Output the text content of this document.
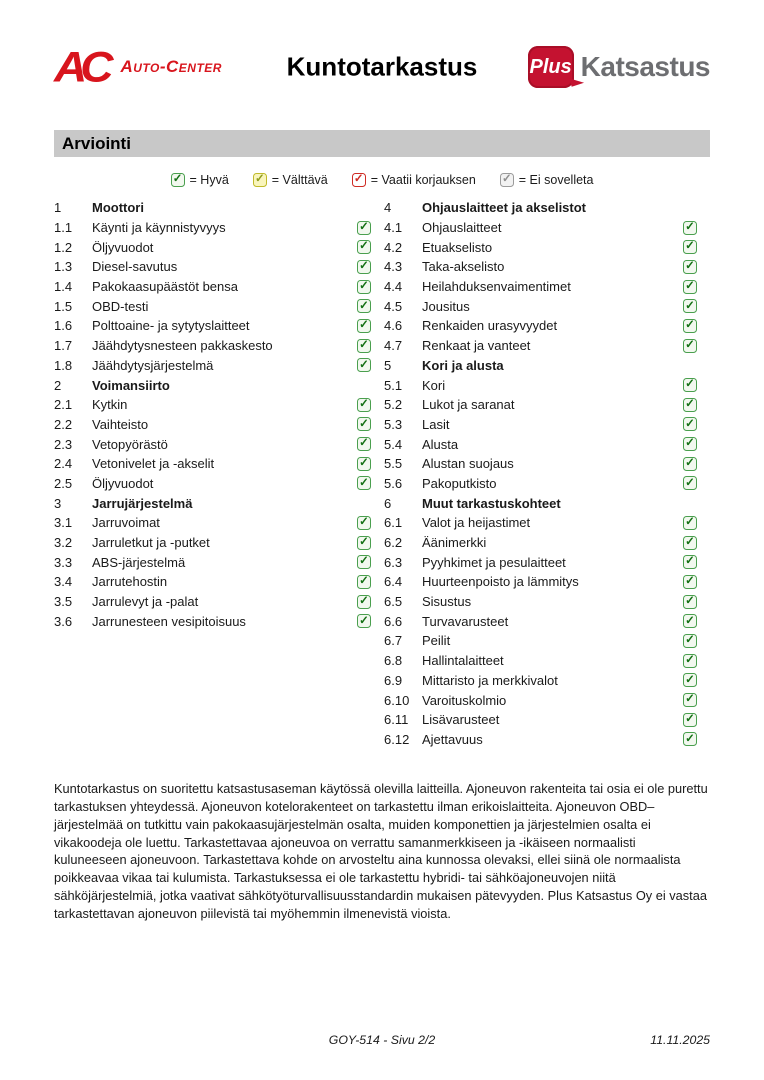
AC Auto-Center Kuntotarkastus	Plus Katsastus
Arviointi
✓ = Hyvä ✓ = Välttävä ✓ = Vaatii korjauksen ✓ = Ei sovelleta
1	Moottori
1.1	Käynti ja käynnistyvyys	✓
1.2	Öljyvuodot	✓
1.3	Diesel-savutus	✓
1.4	Pakokaasupäästöt bensa	✓
1.5	OBD-testi	✓
1.6	Polttoaine- ja sytytyslaitteet	✓
1.7	Jäähdytysnesteen pakkaskesto	✓
1.8	Jäähdytysjärjestelmä	✓
2	Voimansiirto
2.1	Kytkin	✓
2.2	Vaihteisto	✓
2.3	Vetopyörästö	✓
2.4	Vetonivelet ja -akselit	✓
2.5	Öljyvuodot	✓
3	Jarrujärjestelmä
3.1	Jarruvoimat	✓
3.2	Jarruletkut ja -putket	✓
3.3	ABS-järjestelmä	✓
3.4	Jarrutehostin	✓
3.5	Jarrulevyt ja -palat	✓
3.6	Jarrunesteen vesipitoisuus	✓
4	Ohjauslaitteet ja akselistot
4.1	Ohjauslaitteet	✓
4.2	Etuakselisto	✓
4.3	Taka-akselisto	✓
4.4	Heilahduksenvaimentimet	✓
4.5	Jousitus	✓
4.6	Renkaiden urasyvyydet	✓
4.7	Renkaat ja vanteet	✓
5	Kori ja alusta
5.1	Kori	✓
5.2	Lukot ja saranat	✓
5.3	Lasit	✓
5.4	Alusta	✓
5.5	Alustan suojaus	✓
5.6	Pakoputkisto	✓
6	Muut tarkastuskohteet
6.1	Valot ja heijastimet	✓
6.2	Äänimerkki	✓
6.3	Pyyhkimet ja pesulaitteet	✓
6.4	Huurteenpoisto ja lämmitys	✓
6.5	Sisustus	✓
6.6	Turvavarusteet	✓
6.7	Peilit	✓
6.8	Hallintalaitteet	✓
6.9	Mittaristo ja merkkivalot	✓
6.10 Varoituskolmio	✓
6.11	Lisävarusteet	✓
6.12 Ajettavuus	✓

Kuntotarkastus on suoritettu katsastusaseman käytössä olevilla laitteilla. Ajoneuvon rakenteita tai osia ei ole purettu tarkastuksen yhteydessä. Ajoneuvon kotelorakenteet on tarkastettu ilman erikoislaitteita. Ajoneuvon OBD–järjestelmää on tutkittu vain pakokaasujärjestelmän osalta, muiden komponettien ja järjestelmien osalta ei vikakoodeja ole luettu. Tarkastettavaa ajoneuvoa on verrattu samanmerkkiseen ja -ikäiseen normaalisti kuluneeseen ajoneuvoon. Tarkastettava kohde on arvosteltu aina kunnossa olevaksi, ellei siinä ole normaalista poikkeavaa vikaa tai kulumista. Tarkastuksessa ei ole tarkastettu hybridi- tai sähköajoneuvojen niitä sähköjärjestelmiä, jotka vaativat sähkötyöturvallisuusstandardin mukaisen pätevyyden. Plus Katsastus Oy ei vastaa tarkastettavan ajoneuvon piilevistä tai myöhemmin ilmenevistä vioista.

GOY-514 - Sivu 2/2	11.11.2025
